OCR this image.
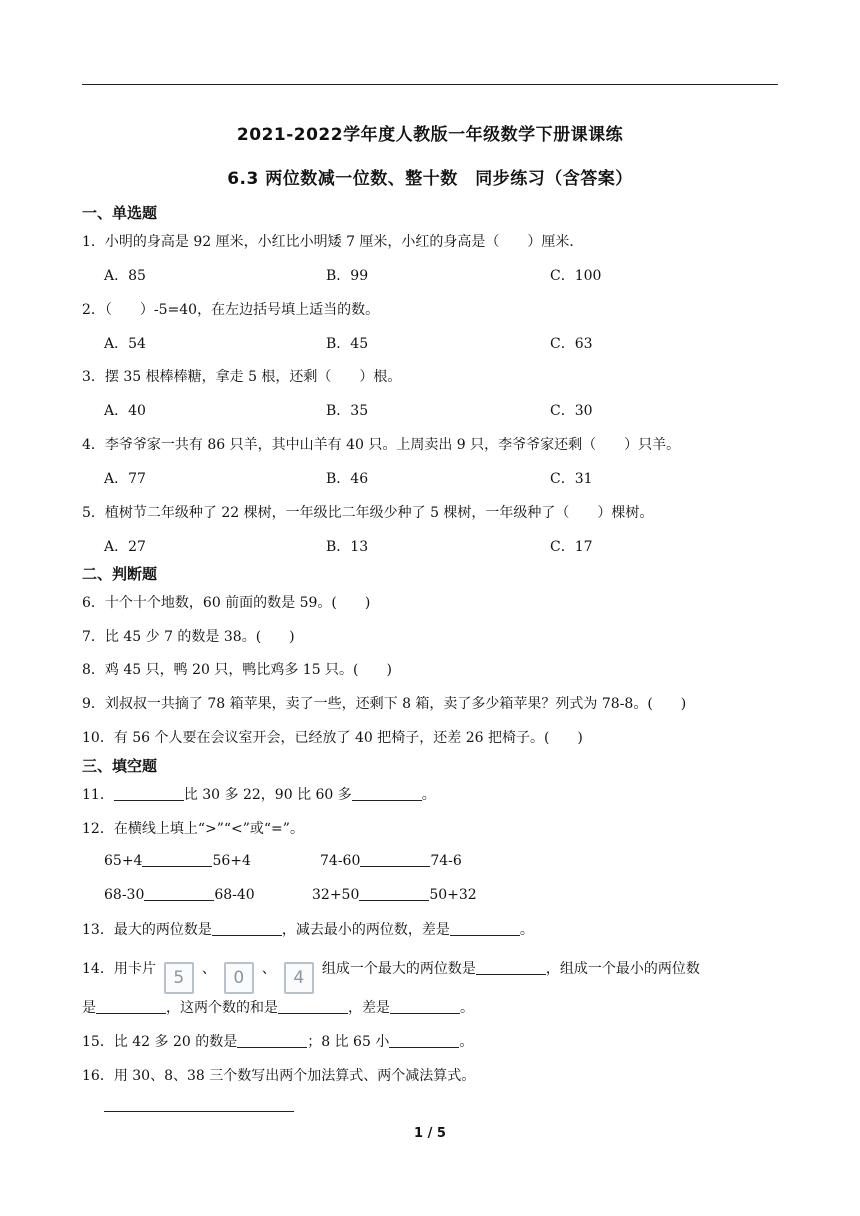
2021-2022学年度人教版一年级数学下册课课练
6.3 两位数减一位数、整十数　同步练习（含答案）
一、单选题
1．小明的身高是 92 厘米，小红比小明矮 7 厘米，小红的身高是（　　）厘米．
A．85	B．99	C．100
2．（　　）-5=40，在左边括号填上适当的数。
A．54	B．45	C．63
3．摆 35 根棒棒糖，拿走 5 根，还剩（　　）根。
A．40	B．35	C．30
4．李爷爷家一共有 86 只羊，其中山羊有 40 只。上周卖出 9 只，李爷爷家还剩（　　）只羊。
A．77	B．46	C．31
5．植树节二年级种了 22 棵树，一年级比二年级少种了 5 棵树，一年级种了（　　）棵树。
A．27	B．13	C．17
二、判断题
6．十个十个地数，60 前面的数是 59。(　　)
7．比 45 少 7 的数是 38。(　　)
8．鸡 45 只，鸭 20 只，鸭比鸡多 15 只。(　　)
9．刘叔叔一共摘了 78 箱苹果，卖了一些，还剩下 8 箱，卖了多少箱苹果？列式为 78-8。(　　)
10．有 56 个人要在会议室开会，已经放了 40 把椅子，还差 26 把椅子。(　　)
三、填空题
11．	比 30 多 22，90 比 60 多	。
12．在横线上填上“>”“<”或“=”。
65+4	56+4	74-60	74-6
68-30	68-40	32+50	50+32
13．最大的两位数是	，减去最小的两位数，差是	。
14．用卡片 5 、 0 、 4 组成一个最大的两位数是	，组成一个最小的两位数
是	，这两个数的和是	，差是	。
15．比 42 多 20 的数是	；8 比 65 小	。
16．用 30、8、38 三个数写出两个加法算式、两个减法算式。
1 / 5
